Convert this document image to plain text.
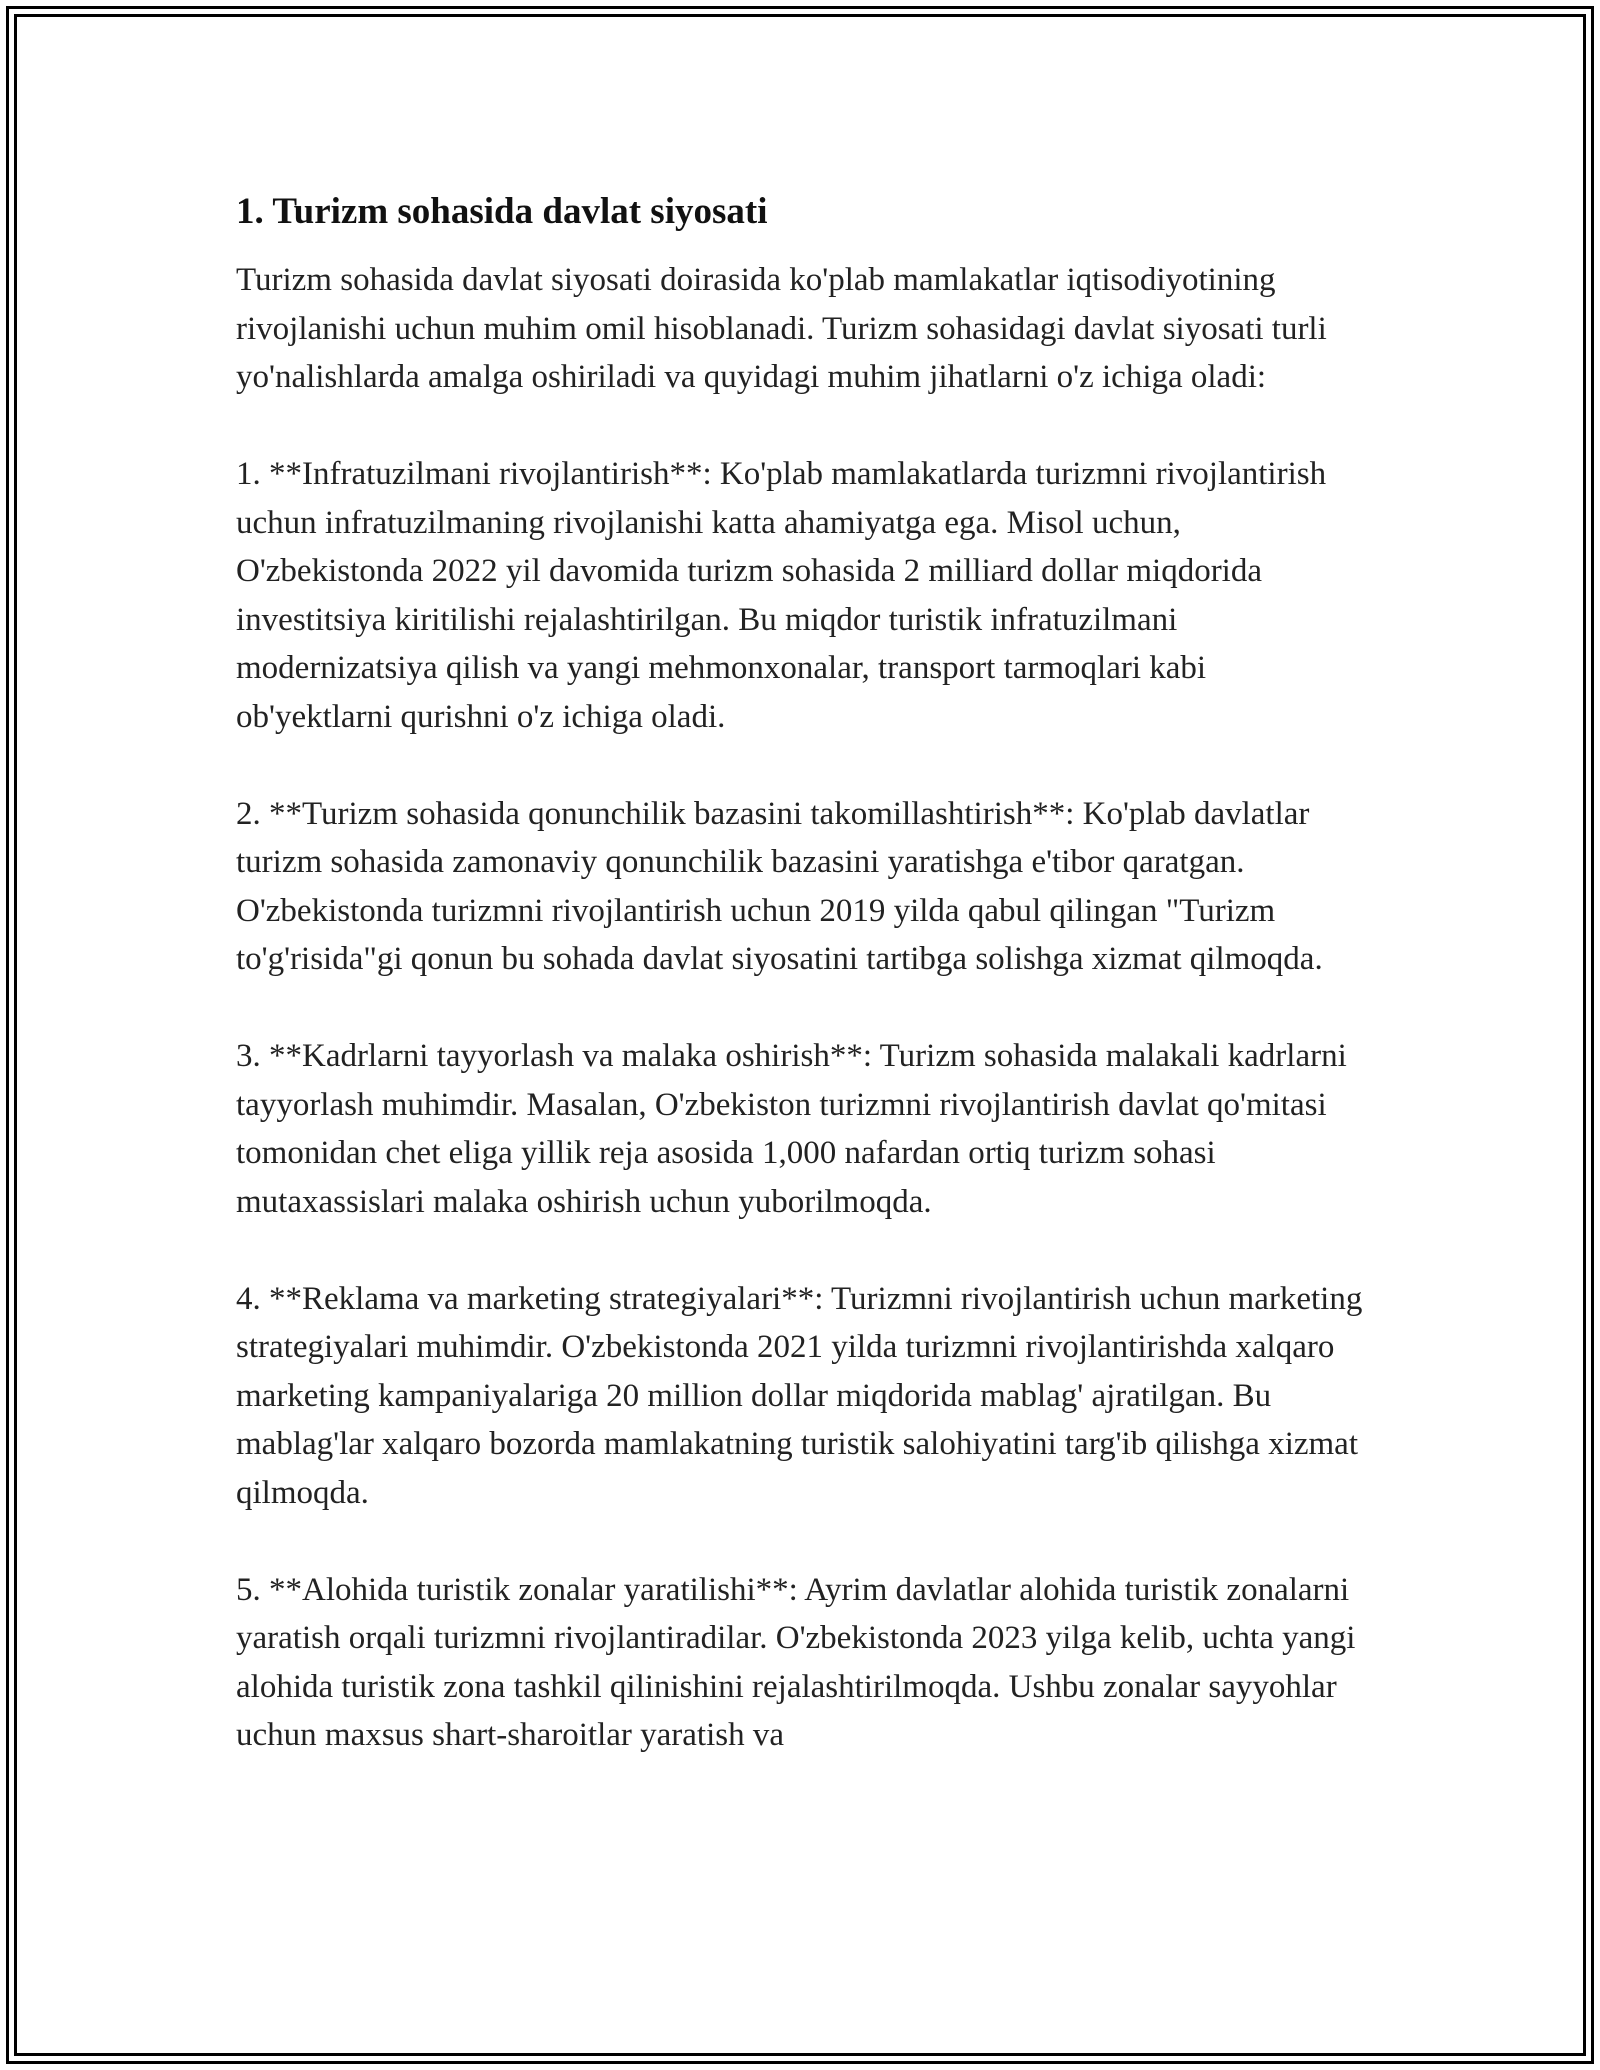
1. Turizm sohasida davlat siyosati

Turizm sohasida davlat siyosati doirasida ko'plab mamlakatlar iqtisodiyotining rivojlanishi uchun muhim omil hisoblanadi. Turizm sohasidagi davlat siyosati turli yo'nalishlarda amalga oshiriladi va quyidagi muhim jihatlarni o'z ichiga oladi:

1. **Infratuzilmani rivojlantirish**: Ko'plab mamlakatlarda turizmni rivojlantirish uchun infratuzilmaning rivojlanishi katta ahamiyatga ega. Misol uchun, O'zbekistonda 2022 yil davomida turizm sohasida 2 milliard dollar miqdorida investitsiya kiritilishi rejalashtirilgan. Bu miqdor turistik infratuzilmani modernizatsiya qilish va yangi mehmonxonalar, transport tarmoqlari kabi ob'yektlarni qurishni o'z ichiga oladi.

2. **Turizm sohasida qonunchilik bazasini takomillashtirish**: Ko'plab davlatlar turizm sohasida zamonaviy qonunchilik bazasini yaratishga e'tibor qaratgan. O'zbekistonda turizmni rivojlantirish uchun 2019 yilda qabul qilingan "Turizm to'g'risida"gi qonun bu sohada davlat siyosatini tartibga solishga xizmat qilmoqda.

3. **Kadrlarni tayyorlash va malaka oshirish**: Turizm sohasida malakali kadrlarni tayyorlash muhimdir. Masalan, O'zbekiston turizmni rivojlantirish davlat qo'mitasi tomonidan chet eliga yillik reja asosida 1,000 nafardan ortiq turizm sohasi mutaxassislari malaka oshirish uchun yuborilmoqda.

4. **Reklama va marketing strategiyalari**: Turizmni rivojlantirish uchun marketing strategiyalari muhimdir. O'zbekistonda 2021 yilda turizmni rivojlantirishda xalqaro marketing kampaniyalariga 20 million dollar miqdorida mablag' ajratilgan. Bu mablag'lar xalqaro bozorda mamlakatning turistik salohiyatini targ'ib qilishga xizmat qilmoqda.

5. **Alohida turistik zonalar yaratilishi**: Ayrim davlatlar alohida turistik zonalarni yaratish orqali turizmni rivojlantiradilar. O'zbekistonda 2023 yilga kelib, uchta yangi alohida turistik zona tashkil qilinishini rejalashtirilmoqda. Ushbu zonalar sayyohlar uchun maxsus shart-sharoitlar yaratish va
